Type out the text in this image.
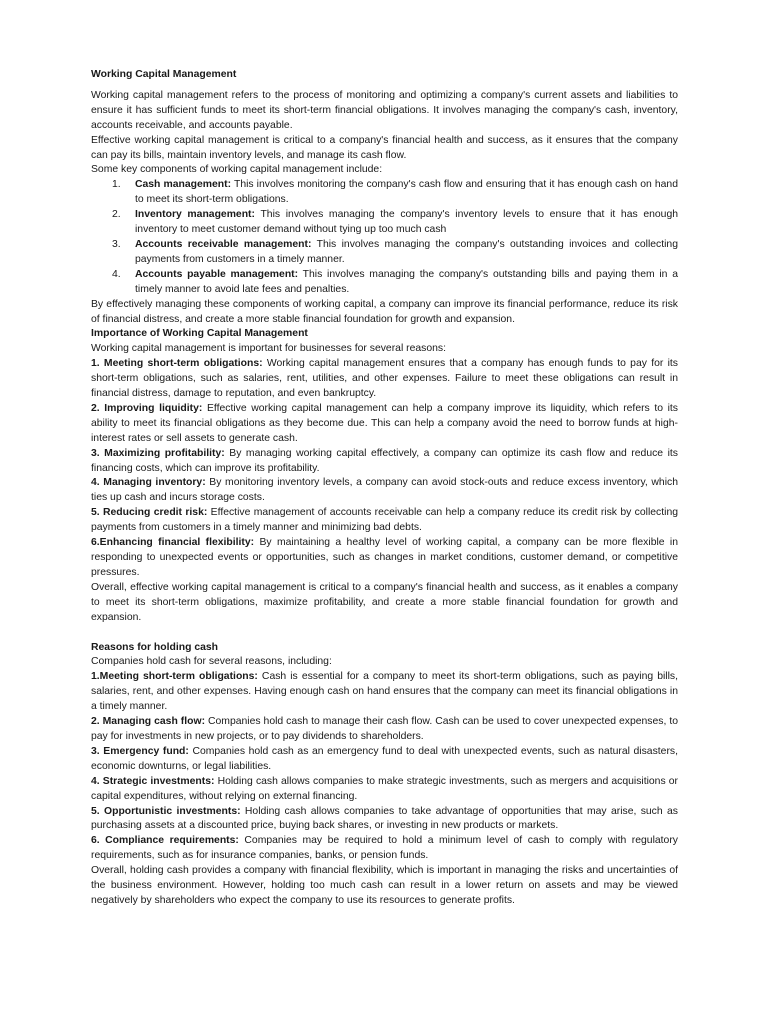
Working Capital Management

Working capital management refers to the process of monitoring and optimizing a company's current assets and liabilities to ensure it has sufficient funds to meet its short-term financial obligations. It involves managing the company's cash, inventory, accounts receivable, and accounts payable.

Effective working capital management is critical to a company's financial health and success, as it ensures that the company can pay its bills, maintain inventory levels, and manage its cash flow.

Some key components of working capital management include:

1. Cash management: This involves monitoring the company's cash flow and ensuring that it has enough cash on hand to meet its short-term obligations.
2. Inventory management: This involves managing the company's inventory levels to ensure that it has enough inventory to meet customer demand without tying up too much cash
3. Accounts receivable management: This involves managing the company's outstanding invoices and collecting payments from customers in a timely manner.
4. Accounts payable management: This involves managing the company's outstanding bills and paying them in a timely manner to avoid late fees and penalties.

By effectively managing these components of working capital, a company can improve its financial performance, reduce its risk of financial distress, and create a more stable financial foundation for growth and expansion.

Importance of Working Capital Management

Working capital management is important for businesses for several reasons:

1. Meeting short-term obligations: Working capital management ensures that a company has enough funds to pay for its short-term obligations, such as salaries, rent, utilities, and other expenses. Failure to meet these obligations can result in financial distress, damage to reputation, and even bankruptcy.

2. Improving liquidity: Effective working capital management can help a company improve its liquidity, which refers to its ability to meet its financial obligations as they become due. This can help a company avoid the need to borrow funds at high-interest rates or sell assets to generate cash.

3. Maximizing profitability: By managing working capital effectively, a company can optimize its cash flow and reduce its financing costs, which can improve its profitability.

4. Managing inventory: By monitoring inventory levels, a company can avoid stock-outs and reduce excess inventory, which ties up cash and incurs storage costs.

5. Reducing credit risk: Effective management of accounts receivable can help a company reduce its credit risk by collecting payments from customers in a timely manner and minimizing bad debts.

6.Enhancing financial flexibility: By maintaining a healthy level of working capital, a company can be more flexible in responding to unexpected events or opportunities, such as changes in market conditions, customer demand, or competitive pressures.

Overall, effective working capital management is critical to a company's financial health and success, as it enables a company to meet its short-term obligations, maximize profitability, and create a more stable financial foundation for growth and expansion.

Reasons for holding cash

Companies hold cash for several reasons, including:

1.Meeting short-term obligations: Cash is essential for a company to meet its short-term obligations, such as paying bills, salaries, rent, and other expenses. Having enough cash on hand ensures that the company can meet its financial obligations in a timely manner.

2. Managing cash flow: Companies hold cash to manage their cash flow. Cash can be used to cover unexpected expenses, to pay for investments in new projects, or to pay dividends to shareholders.

3. Emergency fund: Companies hold cash as an emergency fund to deal with unexpected events, such as natural disasters, economic downturns, or legal liabilities.

4. Strategic investments: Holding cash allows companies to make strategic investments, such as mergers and acquisitions or capital expenditures, without relying on external financing.

5. Opportunistic investments: Holding cash allows companies to take advantage of opportunities that may arise, such as purchasing assets at a discounted price, buying back shares, or investing in new products or markets.

6. Compliance requirements: Companies may be required to hold a minimum level of cash to comply with regulatory requirements, such as for insurance companies, banks, or pension funds.

Overall, holding cash provides a company with financial flexibility, which is important in managing the risks and uncertainties of the business environment. However, holding too much cash can result in a lower return on assets and may be viewed negatively by shareholders who expect the company to use its resources to generate profits.
